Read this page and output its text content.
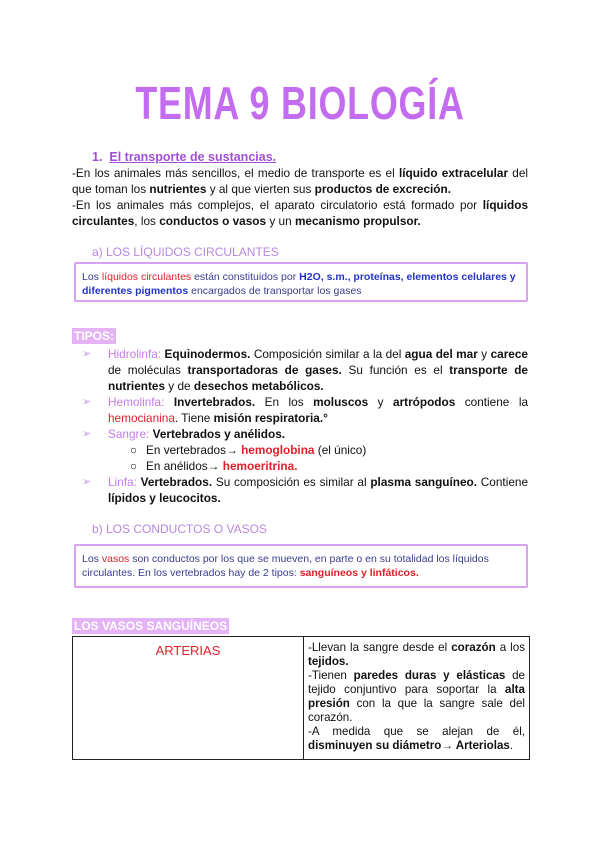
TEMA 9 BIOLOGÍA
1. El transporte de sustancias.

-En los animales más sencillos, el medio de transporte es el líquido extracelular del que toman los nutrientes y al que vierten sus productos de excreción.

-En los animales más complejos, el aparato circulatorio está formado por líquidos circulantes, los conductos o vasos y un mecanismo propulsor.

a) LOS LÍQUIDOS CIRCULANTES
Los líquidos circulantes están constituidos por H2O, s.m., proteínas, elementos celulares y diferentes pigmentos encargados de transportar los gases
TIPOS:
➢ Hidrolinfa: Equinodermos. Composición similar a la del agua del mar y carece de moléculas transportadoras de gases. Su función es el transporte de nutrientes y de desechos metabólicos.
➢ Hemolinfa: Invertebrados. En los moluscos y artrópodos contiene la hemocianina. Tiene misión respiratoria.°
➢ Sangre: Vertebrados y anélidos.
○ En vertebrados→ hemoglobina (el único)
○ En anélidos→ hemoeritrina.
➢ Linfa: Vertebrados. Su composición es similar al plasma sanguíneo. Contiene lípidos y leucocitos.
b) LOS CONDUCTOS O VASOS
Los vasos son conductos por los que se mueven, en parte o en su totalidad los líquidos circulantes. En los vertebrados hay de 2 tipos: sanguíneos y linfáticos.
LOS VASOS SANGUÍNEOS
ARTERIAS	-Llevan la sangre desde el corazón a los tejidos.
-Tienen paredes duras y elásticas de tejido conjuntivo para soportar la alta presión con la que la sangre sale del corazón.
-A medida que se alejan de él, disminuyen su diámetro→ Arteriolas.
